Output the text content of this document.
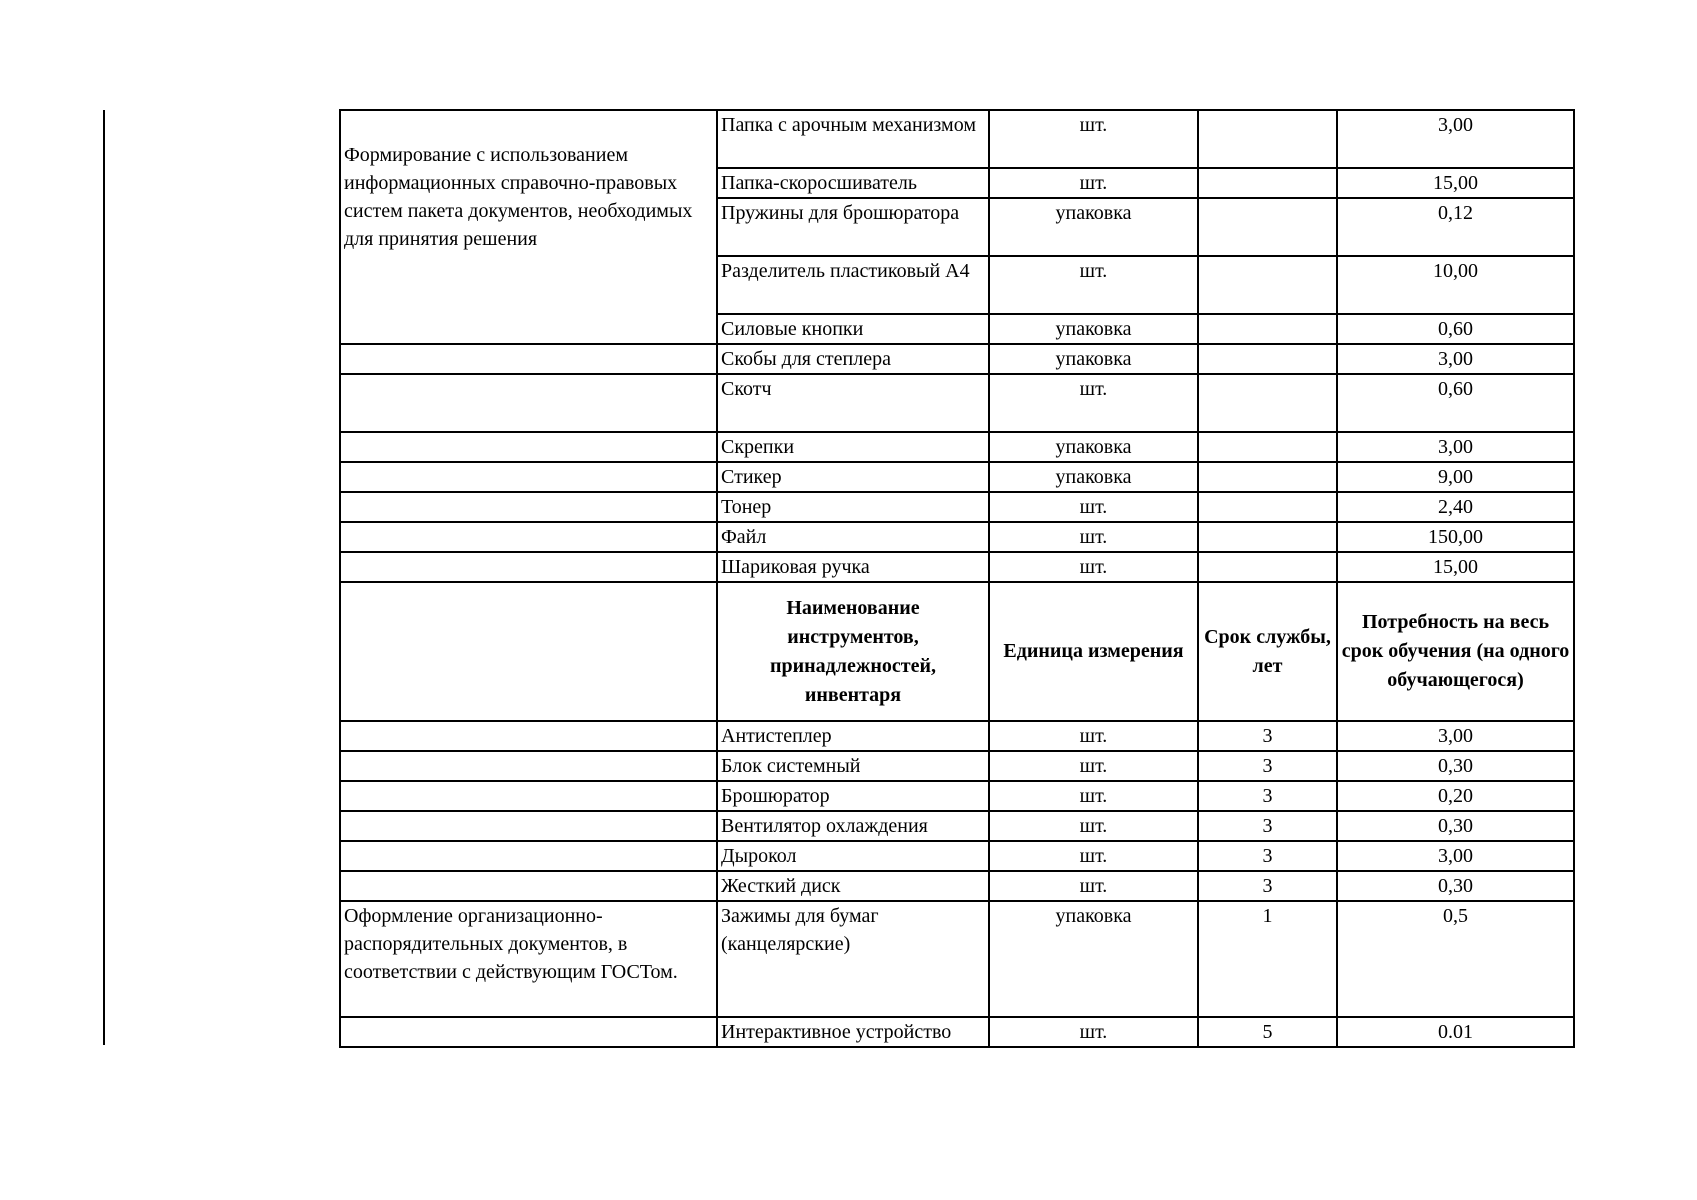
Формирование с использованием информационных справочно-правовых систем пакета документов, необходимых для принятия решения	Папка с арочным механизмом	шт.		3,00
	Папка-скоросшиватель	шт.		15,00
	Пружины для брошюратора	упаковка		0,12
	Разделитель пластиковый А4	шт.		10,00
	Силовые кнопки	упаковка		0,60
	Скобы для степлера	упаковка		3,00
	Скотч	шт.		0,60
	Скрепки	упаковка		3,00
	Стикер	упаковка		9,00
	Тонер	шт.		2,40
	Файл	шт.		150,00
	Шариковая ручка	шт.		15,00
	Наименование инструментов, принадлежностей, инвентаря	Единица измерения	Срок службы, лет	Потребность на весь срок обучения (на одного обучающегося)
	Антистеплер	шт.	3	3,00
	Блок системный	шт.	3	0,30
	Брошюратор	шт.	3	0,20
	Вентилятор охлаждения	шт.	3	0,30
	Дырокол	шт.	3	3,00
	Жесткий диск	шт.	3	0,30
Оформление организационно-распорядительных документов, в соответствии с действующим ГОСТом.	Зажимы для бумаг (канцелярские)	упаковка	1	0,5
	Интерактивное устройство	шт.	5	0.01
